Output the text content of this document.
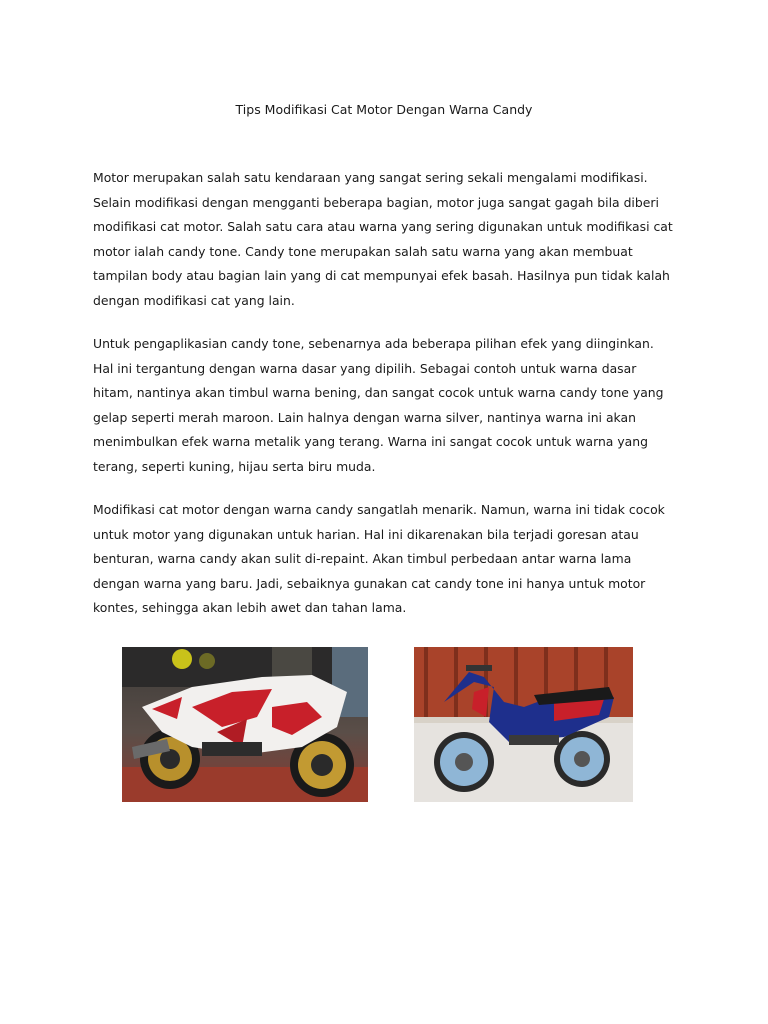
Tips Modifikasi Cat Motor Dengan Warna Candy

Motor merupakan salah satu kendaraan yang sangat sering sekali mengalami modifikasi. Selain modifikasi dengan mengganti beberapa bagian, motor juga sangat gagah bila diberi modifikasi cat motor. Salah satu cara atau warna yang sering digunakan untuk modifikasi cat motor ialah candy tone. Candy tone merupakan salah satu warna yang akan membuat tampilan body atau bagian lain yang di cat mempunyai efek basah. Hasilnya pun tidak kalah dengan modifikasi cat yang lain.

Untuk pengaplikasian candy tone, sebenarnya ada beberapa pilihan efek yang diinginkan. Hal ini tergantung dengan warna dasar yang dipilih. Sebagai contoh untuk warna dasar hitam, nantinya akan timbul warna bening, dan sangat cocok untuk warna candy tone yang gelap seperti merah maroon. Lain halnya dengan warna silver, nantinya warna ini akan menimbulkan efek warna metalik yang terang. Warna ini sangat cocok untuk warna yang terang, seperti kuning, hijau serta biru muda.

Modifikasi cat motor dengan warna candy sangatlah menarik. Namun, warna ini tidak cocok untuk motor yang digunakan untuk harian. Hal ini dikarenakan bila terjadi goresan atau benturan, warna candy akan sulit di-repaint. Akan timbul perbedaan antar warna lama dengan warna yang baru. Jadi, sebaiknya gunakan cat candy tone ini hanya untuk motor kontes, sehingga akan lebih awet dan tahan lama.
